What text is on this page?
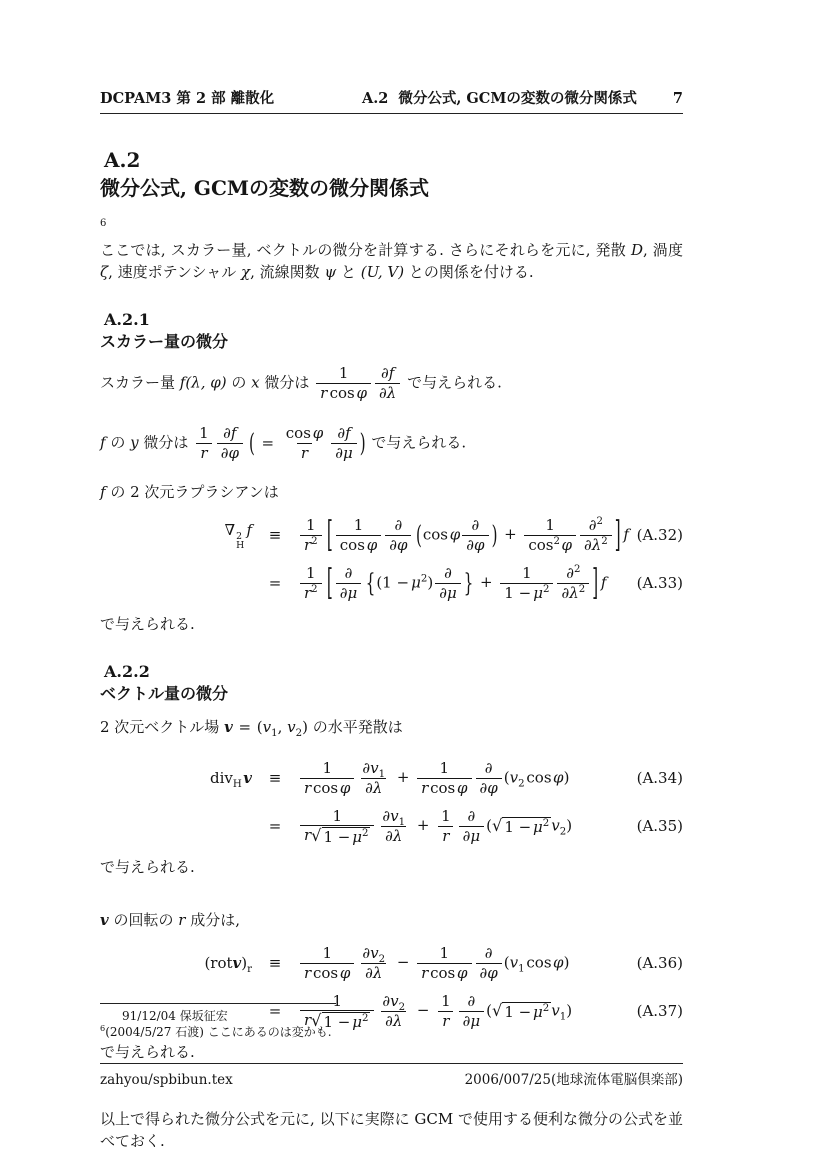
DCPAM3 第 2 部 離散化	A.2 微分公式, GCMの変数の微分関係式 7
A.2
微分公式, GCMの変数の微分関係式
6

ここでは, スカラー量, ベクトルの微分を計算する. さらにそれらを元に, 発散 D, 渦度 ζ, 速度ポテンシャル χ, 流線関数 ψ と (U, V) との関係を付ける.

A.2.1
スカラー量の微分

スカラー量 f(λ, φ) の x 微分は $\frac{1}{\text{r cos φ}} \frac{\partial f}{\partial\lambda}$ で与えられる.

f の y 微分は $\frac{1}{r} \frac{\partial f}{\partial\varphi}$ ( = $\frac{\text{cos φ}}{r} \frac{\partial f}{\partial\mu}$ ) で与えられる.

f の 2 次元ラプラシアンは

∇ 2
H
f	≡	$\frac{1}{r^2}$ [ $\frac{1}{\text{cos φ}} \frac{\partial}{\partial\varphi} (\cos$ φ $\frac{\partial}{\partial\varphi}$ ) + $\frac{1}{\cos^2 \varphi} \frac{\partial^2}{\partial\lambda^2}$ ] f (A.32)
=	$\frac{1}{r^2}$ [ $\frac{\partial}{\partial\mu} \{(1 - \mu^2) \frac{\partial}{\partial\mu}$ } + $\frac{1}{1 - \mu^2} \frac{\partial^2}{\partial\lambda^2}$ ] f (A.33)

で与えられる.

A.2.2
ベクトル量の微分

2 次元ベクトル場 $v = (v_1$, $v_2$) の水平発散は

div$_H$ v	≡	$\frac{1}{\text{r cos φ}} \frac{\partial v_1}{\partial\lambda} + \frac{1}{\text{r cos φ}} \frac{\partial}{\partial\varphi} (v_2$ cos φ)	(A.34)
=	$\frac{1}{r √ 1 - \mu^2} \frac{\partial v_1}{\partial\lambda} + \frac{1}{r} \frac{\partial}{\partial\mu}$ ( √ $1 - \mu^2$ $v_2$)	(A.35)

で与えられる.

v の回転の r 成分は,

$(rotv)_r$	≡	$\frac{1}{\text{r cos φ}} \frac{\partial v_2}{\partial\lambda} - \frac{1}{\text{r cos φ}} \frac{\partial}{\partial\varphi} (v_1$ cos φ)	(A.36)
=	$\frac{1}{r √ 1 - \mu^2} \frac{\partial v_2}{\partial\lambda} - \frac{1}{r} \frac{\partial}{\partial\mu}$ ( √ $1 - \mu^2$ $v_1$)	(A.37)

で与えられる.

以上で得られた微分公式を元に, 以下に実際に GCM で使用する便利な微分の公式を並べておく.

91/12/04 保坂征宏
$^6$(2004/5/27 石渡) ここにあるのは変かも.
zahyou/spbibun.tex	2006/007/25(地球流体電脳倶楽部)
